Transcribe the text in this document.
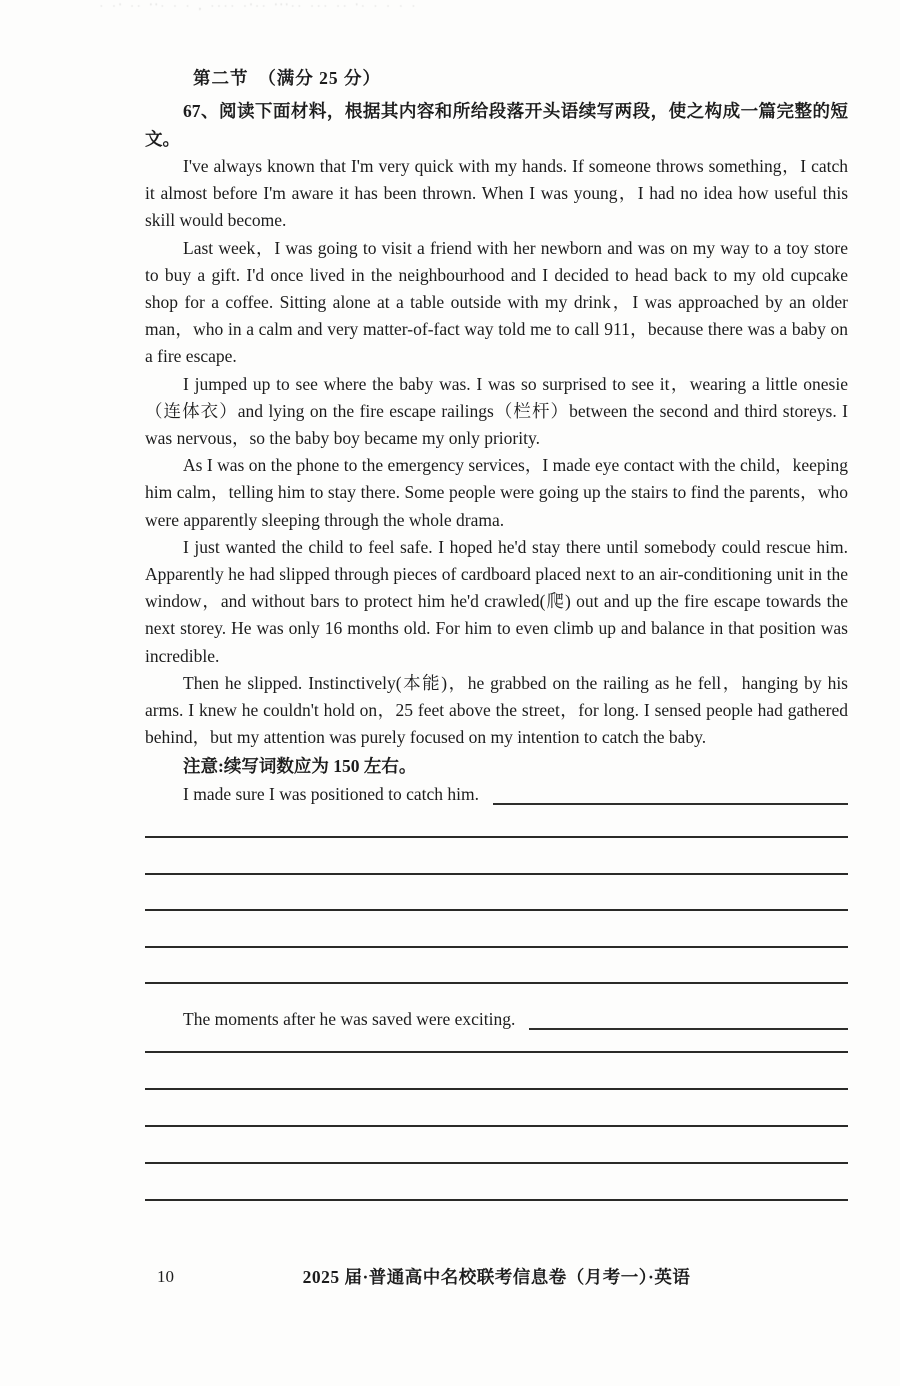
· ·' ·· ''· · · , ···· ·'·· '''·· ··· ·· '· · · · ·
第二节　（满分 25 分）
67、阅读下面材料，根据其内容和所给段落开头语续写两段，使之构成一篇完整的短文。

I've always known that I'm very quick with my hands. If someone throws something，I catch it almost before I'm aware it has been thrown. When I was young，I had no idea how useful this skill would become.

Last week，I was going to visit a friend with her newborn and was on my way to a toy store to buy a gift. I'd once lived in the neighbourhood and I decided to head back to my old cupcake shop for a coffee. Sitting alone at a table outside with my drink，I was approached by an older man，who in a calm and very matter-of-fact way told me to call 911，because there was a baby on a fire escape.

I jumped up to see where the baby was. I was so surprised to see it，wearing a little onesie（连体衣）and lying on the fire escape railings（栏杆）between the second and third storeys. I was nervous，so the baby boy became my only priority.

As I was on the phone to the emergency services，I made eye contact with the child，keeping him calm，telling him to stay there. Some people were going up the stairs to find the parents，who were apparently sleeping through the whole drama.

I just wanted the child to feel safe. I hoped he'd stay there until somebody could rescue him. Apparently he had slipped through pieces of cardboard placed next to an air-conditioning unit in the window，and without bars to protect him he'd crawled(爬) out and up the fire escape towards the next storey. He was only 16 months old. For him to even climb up and balance in that position was incredible.

Then he slipped. Instinctively(本能)，he grabbed on the railing as he fell，hanging by his arms. I knew he couldn't hold on，25 feet above the street，for long. I sensed people had gathered behind，but my attention was purely focused on my intention to catch the baby.

注意:续写词数应为 150 左右。
I made sure I was positioned to catch him.
The moments after he was saved were exciting.
10	2025 届·普通高中名校联考信息卷（月考一）·英语
